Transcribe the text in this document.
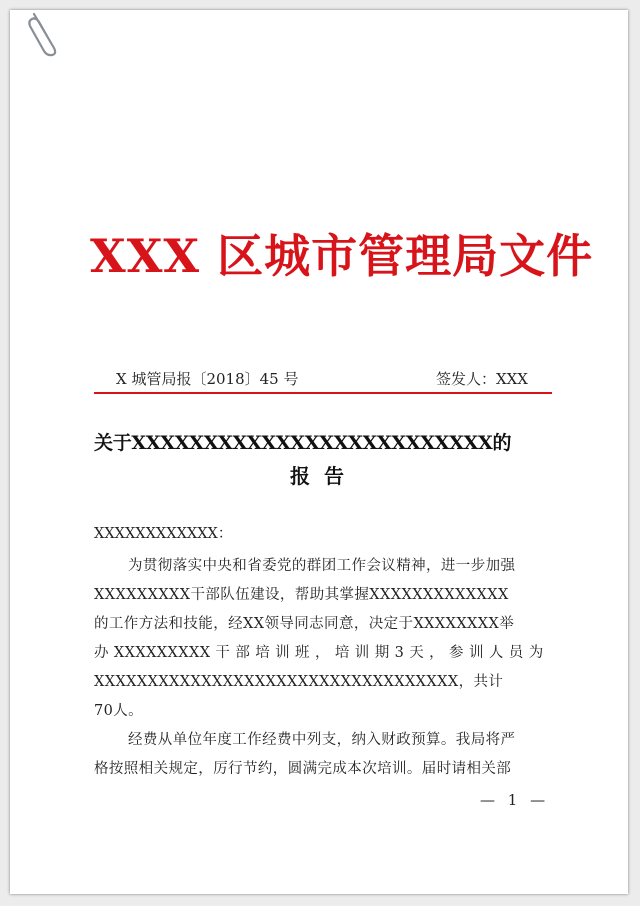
XXX 区城市管理局文件
X 城管局报〔2018〕45 号	签发人：XXX
关于XXXXXXXXXXXXXXXXXXXXXXXXX的
报告
XXXXXXXXXXXX：
为贯彻落实中央和省委党的群团工作会议精神，进一步加强
XXXXXXXXX干部队伍建设，帮助其掌握XXXXXXXXXXXXX
的工作方法和技能，经XX领导同志同意，决定于XXXXXXXX举
办 XXXXXXXXX 干 部 培 训 班 ， 培 训 期 3 天 ， 参 训 人 员 为
XXXXXXXXXXXXXXXXXXXXXXXXXXXXXXXXXX，共计
70人。
经费从单位年度工作经费中列支，纳入财政预算。我局将严
格按照相关规定，厉行节约，圆满完成本次培训。届时请相关部
— 1 —
